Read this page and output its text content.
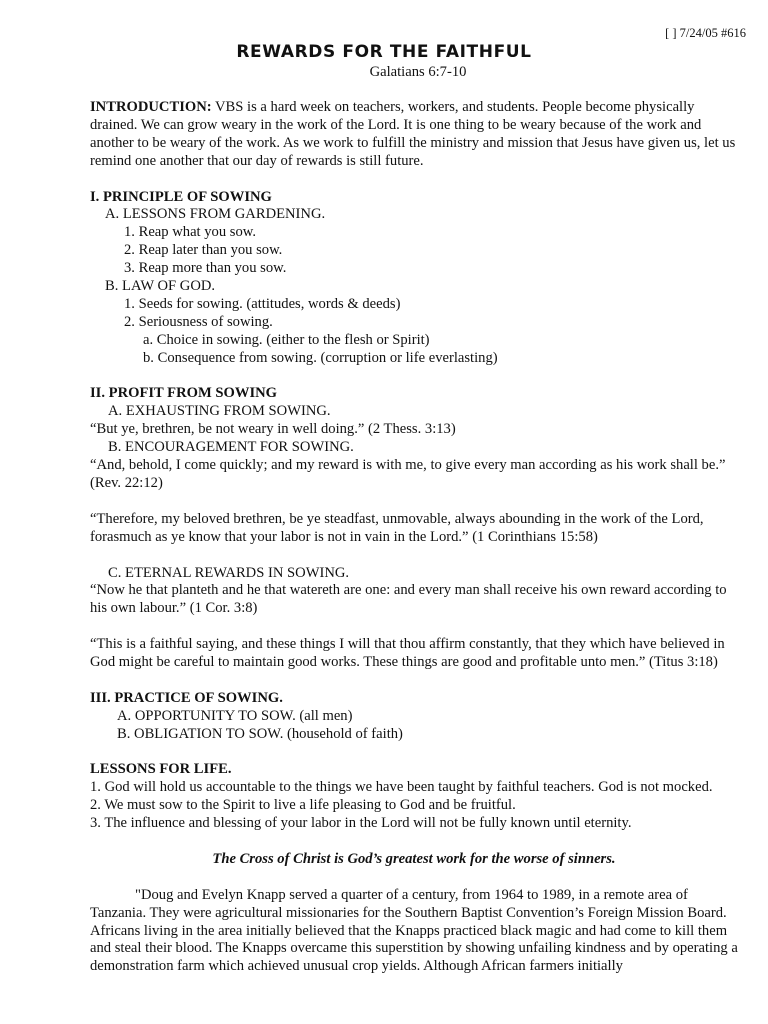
[ ] 7/24/05 #616
REWARDS FOR THE FAITHFUL
Galatians 6:7-10

INTRODUCTION: VBS is a hard week on teachers, workers, and students. People become physically drained. We can grow weary in the work of the Lord. It is one thing to be weary because of the work and another to be weary of the work. As we work to fulfill the ministry and mission that Jesus have given us, let us remind one another that our day of rewards is still future.

I. PRINCIPLE OF SOWING

A. LESSONS FROM GARDENING.

1. Reap what you sow.

2. Reap later than you sow.

3. Reap more than you sow.

B. LAW OF GOD.

1. Seeds for sowing. (attitudes, words & deeds)

2. Seriousness of sowing.

a. Choice in sowing. (either to the flesh or Spirit)

b. Consequence from sowing. (corruption or life everlasting)

II. PROFIT FROM SOWING

A. EXHAUSTING FROM SOWING.

“But ye, brethren, be not weary in well doing.” (2 Thess. 3:13)

B. ENCOURAGEMENT FOR SOWING.

“And, behold, I come quickly; and my reward is with me, to give every man according as his work shall be.” (Rev. 22:12)

“Therefore, my beloved brethren, be ye steadfast, unmovable, always abounding in the work of the Lord, forasmuch as ye know that your labor is not in vain in the Lord.” (1 Corinthians 15:58)

C. ETERNAL REWARDS IN SOWING.

“Now he that planteth and he that watereth are one: and every man shall receive his own reward according to his own labour.” (1 Cor. 3:8)

“This is a faithful saying, and these things I will that thou affirm constantly, that they which have believed in God might be careful to maintain good works. These things are good and profitable unto men.” (Titus 3:18)

III. PRACTICE OF SOWING.

A. OPPORTUNITY TO SOW. (all men)

B. OBLIGATION TO SOW. (household of faith)

LESSONS FOR LIFE.

1. God will hold us accountable to the things we have been taught by faithful teachers. God is not mocked.

2. We must sow to the Spirit to live a life pleasing to God and be fruitful.

3. The influence and blessing of your labor in the Lord will not be fully known until eternity.

The Cross of Christ is God’s greatest work for the worse of sinners.

"Doug and Evelyn Knapp served a quarter of a century, from 1964 to 1989, in a remote area of Tanzania. They were agricultural missionaries for the Southern Baptist Convention’s Foreign Mission Board. Africans living in the area initially believed that the Knapps practiced black magic and had come to kill them and steal their blood. The Knapps overcame this superstition by showing unfailing kindness and by operating a demonstration farm which achieved unusual crop yields. Although African farmers initially
